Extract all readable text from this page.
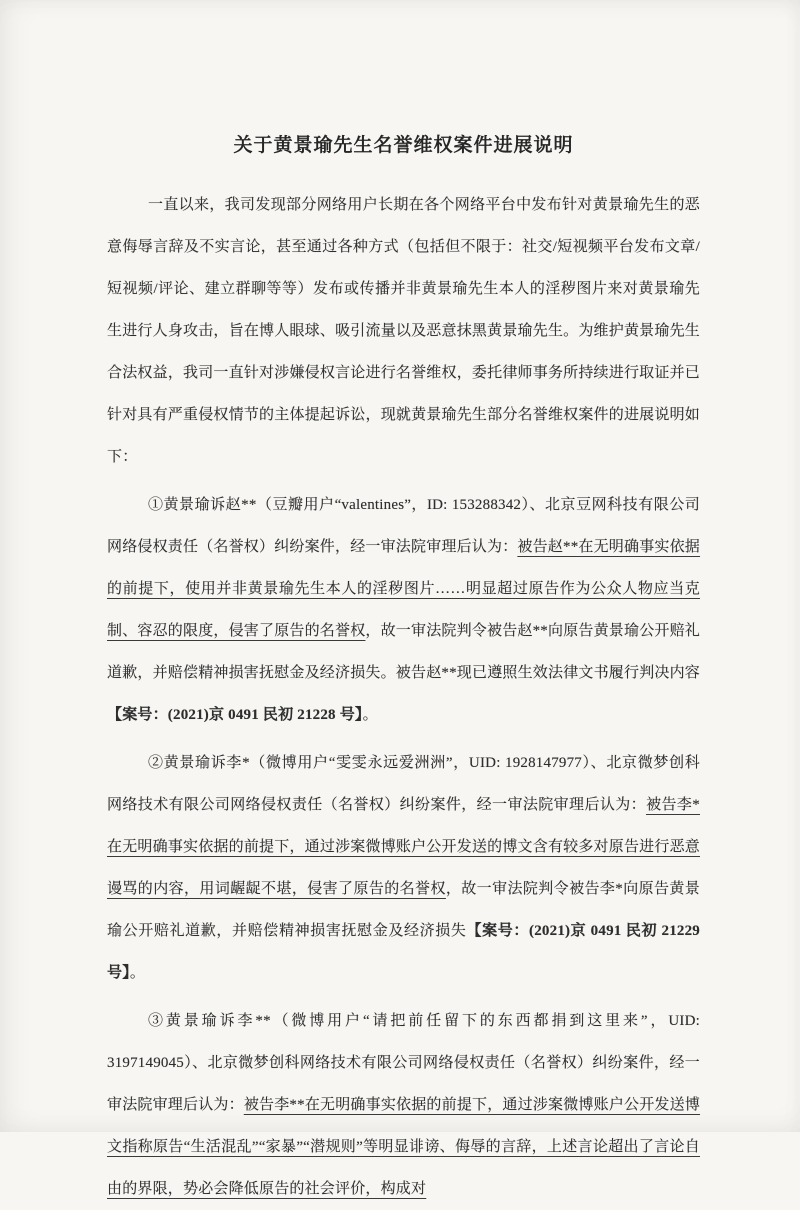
关于黄景瑜先生名誉维权案件进展说明

一直以来，我司发现部分网络用户长期在各个网络平台中发布针对黄景瑜先生的恶意侮辱言辞及不实言论，甚至通过各种方式（包括但不限于：社交/短视频平台发布文章/短视频/评论、建立群聊等等）发布或传播并非黄景瑜先生本人的淫秽图片来对黄景瑜先生进行人身攻击，旨在博人眼球、吸引流量以及恶意抹黑黄景瑜先生。为维护黄景瑜先生合法权益，我司一直针对涉嫌侵权言论进行名誉维权，委托律师事务所持续进行取证并已针对具有严重侵权情节的主体提起诉讼，现就黄景瑜先生部分名誉维权案件的进展说明如下：

①黄景瑜诉赵**（豆瓣用户“valentines”，ID: 153288342）、北京豆网科技有限公司网络侵权责任（名誉权）纠纷案件，经一审法院审理后认为：被告赵**在无明确事实依据的前提下，使用并非黄景瑜先生本人的淫秽图片……明显超过原告作为公众人物应当克制、容忍的限度，侵害了原告的名誉权，故一审法院判令被告赵**向原告黄景瑜公开赔礼道歉，并赔偿精神损害抚慰金及经济损失。被告赵**现已遵照生效法律文书履行判决内容【案号：(2021)京 0491 民初 21228 号】。

②黄景瑜诉李*（微博用户“雯雯永远爱洲洲”，UID: 1928147977）、北京微梦创科网络技术有限公司网络侵权责任（名誉权）纠纷案件，经一审法院审理后认为：被告李*在无明确事实依据的前提下，通过涉案微博账户公开发送的博文含有较多对原告进行恶意谩骂的内容，用词龌龊不堪，侵害了原告的名誉权，故一审法院判令被告李*向原告黄景瑜公开赔礼道歉，并赔偿精神损害抚慰金及经济损失【案号：(2021)京 0491 民初 21229 号】。

③黄景瑜诉李**（微博用户“请把前任留下的东西都捐到这里来”，UID: 3197149045）、北京微梦创科网络技术有限公司网络侵权责任（名誉权）纠纷案件，经一审法院审理后认为：被告李**在无明确事实依据的前提下，通过涉案微博账户公开发送博文指称原告“生活混乱”“家暴”“潜规则”等明显诽谤、侮辱的言辞，上述言论超出了言论自由的界限，势必会降低原告的社会评价，构成对
